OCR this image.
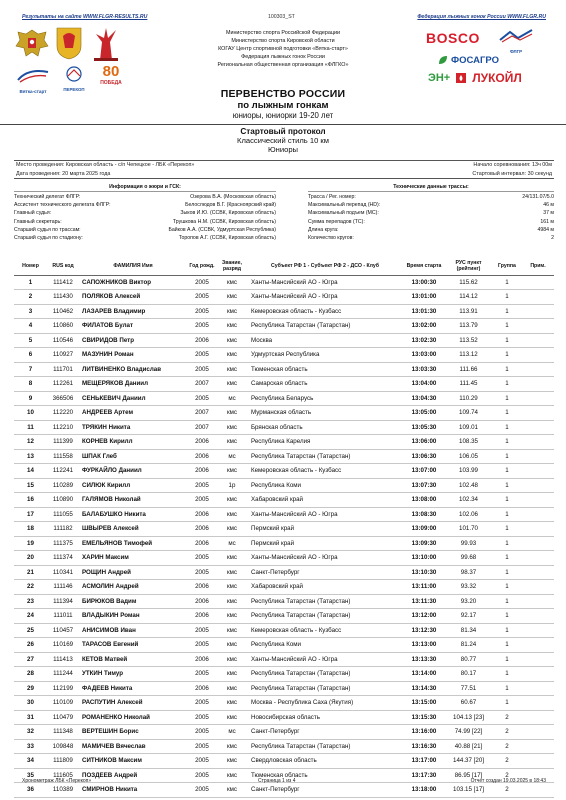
Результаты на сайте WWW.FLGR-RESULTS.RU	100303_ST	Федерация лыжных гонок России WWW.FLGR.RU
Вятка-старт	ПЕРЕКОП
80
ПОБЕДА
Министерство спорта Российской Федерации
Министерство спорта Кировской области
КОГАУ Центр спортивной подготовки «Вятка-старт»
Федерация лыжных гонок России
Региональная общественная организация «ФЛГКО»
BOSCO
ФЛГР
ФОСАГРО
ЭН+ ЛУКОЙЛ
ПЕРВЕНСТВО РОССИИ
по лыжным гонкам
юниоры, юниорки 19-20 лет
Стартовый протокол
Классический стиль 10 км
Юниоры
Место проведения: Кировская область - с/п Чепецкое - ЛБК «Перекоп»
Дата проведения: 20 марта 2025 года
Начало соревнования: 13ч 00м
Стартовый интервал: 30 секунд
Информация о жюри и ГСК:
Технический делегат ФЛГР:	Озерова В.А. (Московская область)
Ассистент технического делегата ФЛГР:	Белослюдов В.Г. (Красноярский край)
Главный судья:	Зыков И.Ю. (ССВК, Кировская область)
Главный секретарь:	Трушкова Н.М. (ССВК, Кировская область)
Старший судья по трассам:	Байков А.А. (ССВК, Удмуртская Республика)
Старший судья по стадиону:	Торопов А.Г. (ССВК, Кировская область)
Технические данные трассы:
Трасса / Рег. номер:	24/131.07/5.0
Максимальный перепад (HD):	46 м
Максимальный подъем (MC):	37 м
Сумма перепадов (TC):	161 м
Длина круга:	4984 м
Количество кругов:	2
Номер	RUS код	ФАМИЛИЯ Имя	Год рожд.	Звание, разряд	Субъект РФ 1 - Субъект РФ 2 - ДСО - Клуб	Время старта	РУС пункт (рейтинг)	Группа	Прим.
1	111412	САПОЖНИКОВ Виктор	2005	кмс	Ханты-Мансийский АО - Югра	13:00:30	115.62	1	
2	111430	ПОЛЯКОВ Алексей	2005	кмс	Ханты-Мансийский АО - Югра	13:01:00	114.12	1	
3	110462	ЛАЗАРЕВ Владимир	2005	кмс	Кемеровская область - Кузбасс	13:01:30	113.91	1	
4	110860	ФИЛАТОВ Булат	2005	кмс	Республика Татарстан (Татарстан)	13:02:00	113.79	1	
5	110546	СВИРИДОВ Петр	2006	кмс	Москва	13:02:30	113.52	1	
6	110927	МАЗУНИН Роман	2005	кмс	Удмуртская Республика	13:03:00	113.12	1	
7	111701	ЛИТВИНЕНКО Владислав	2005	кмс	Тюменская область	13:03:30	111.66	1	
8	112261	МЕЩЕРЯКОВ Даниил	2007	кмс	Самарская область	13:04:00	111.45	1	
9	366506	СЕНЬКЕВИЧ Даниил	2005	мс	Республика Беларусь	13:04:30	110.29	1	
10	112220	АНДРЕЕВ Артем	2007	кмс	Мурманская область	13:05:00	109.74	1	
11	112210	ТРЯКИН Никита	2007	кмс	Брянская область	13:05:30	109.01	1	
12	111399	КОРНЕВ Кирилл	2006	кмс	Республика Карелия	13:06:00	108.35	1	
13	111558	ШПАК Глеб	2006	мс	Республика Татарстан (Татарстан)	13:06:30	106.05	1	
14	112241	ФУРКАЙЛО Даниил	2006	кмс	Кемеровская область - Кузбасс	13:07:00	103.99	1	
15	110289	СИЛЮК Кирилл	2005	1р	Республика Коми	13:07:30	102.48	1	
16	110890	ГАЛЯМОВ Николай	2005	кмс	Хабаровский край	13:08:00	102.34	1	
17	111055	БАЛАБУШКО Никита	2006	кмс	Ханты-Мансийский АО - Югра	13:08:30	102.06	1	
18	111182	ШВЫРЕВ Алексей	2006	кмс	Пермский край	13:09:00	101.70	1	
19	111375	ЕМЕЛЬЯНОВ Тимофей	2006	мс	Пермский край	13:09:30	99.93	1	
20	111374	ХАРИН Максим	2005	кмс	Ханты-Мансийский АО - Югра	13:10:00	99.68	1	
21	110341	РОЩИН Андрей	2005	кмс	Санкт-Петербург	13:10:30	98.37	1	
22	111146	АСМОЛИН Андрей	2006	кмс	Хабаровский край	13:11:00	93.32	1	
23	111394	БИРЮКОВ Вадим	2006	кмс	Республика Татарстан (Татарстан)	13:11:30	93.20	1	
24	111011	ВЛАДЫКИН Роман	2006	кмс	Республика Татарстан (Татарстан)	13:12:00	92.17	1	
25	110457	АНИСИМОВ Иван	2005	кмс	Кемеровская область - Кузбасс	13:12:30	81.34	1	
26	110169	ТАРАСОВ Евгений	2005	кмс	Республика Коми	13:13:00	81.24	1	
27	111413	КЕТОВ Матвей	2006	кмс	Ханты-Мансийский АО - Югра	13:13:30	80.77	1	
28	111244	УТКИН Тимур	2005	кмс	Республика Татарстан (Татарстан)	13:14:00	80.17	1	
29	112199	ФАДЕЕВ Никита	2006	кмс	Республика Татарстан (Татарстан)	13:14:30	77.51	1	
30	110109	РАСПУТИН Алексей	2005	кмс	Москва - Республика Саха (Якутия)	13:15:00	60.67	1	
31	110479	РОМАНЕНКО Николай	2005	кмс	Новосибирская область	13:15:30	104.13 [23]	2	
32	111348	ВЕРТЕШИН Борис	2005	мс	Санкт-Петербург	13:16:00	74.99 [22]	2	
33	109848	МАМИЧЕВ Вячеслав	2005	кмс	Республика Татарстан (Татарстан)	13:16:30	40.88 [21]	2	
34	111809	СИТНИКОВ Максим	2005	кмс	Свердловская область	13:17:00	144.37 [20]	2	
35	111605	ПОЗДЕЕВ Андрей	2005	кмс	Тюменская область	13:17:30	86.95 [17]	2	
36	110389	СМИРНОВ Никита	2005	кмс	Санкт-Петербург	13:18:00	103.15 [17]	2	
Хронометраж ЛБК «Перекоп»	Страница 1 из 4	Отчет создан 19.03.2025 в 18:43
